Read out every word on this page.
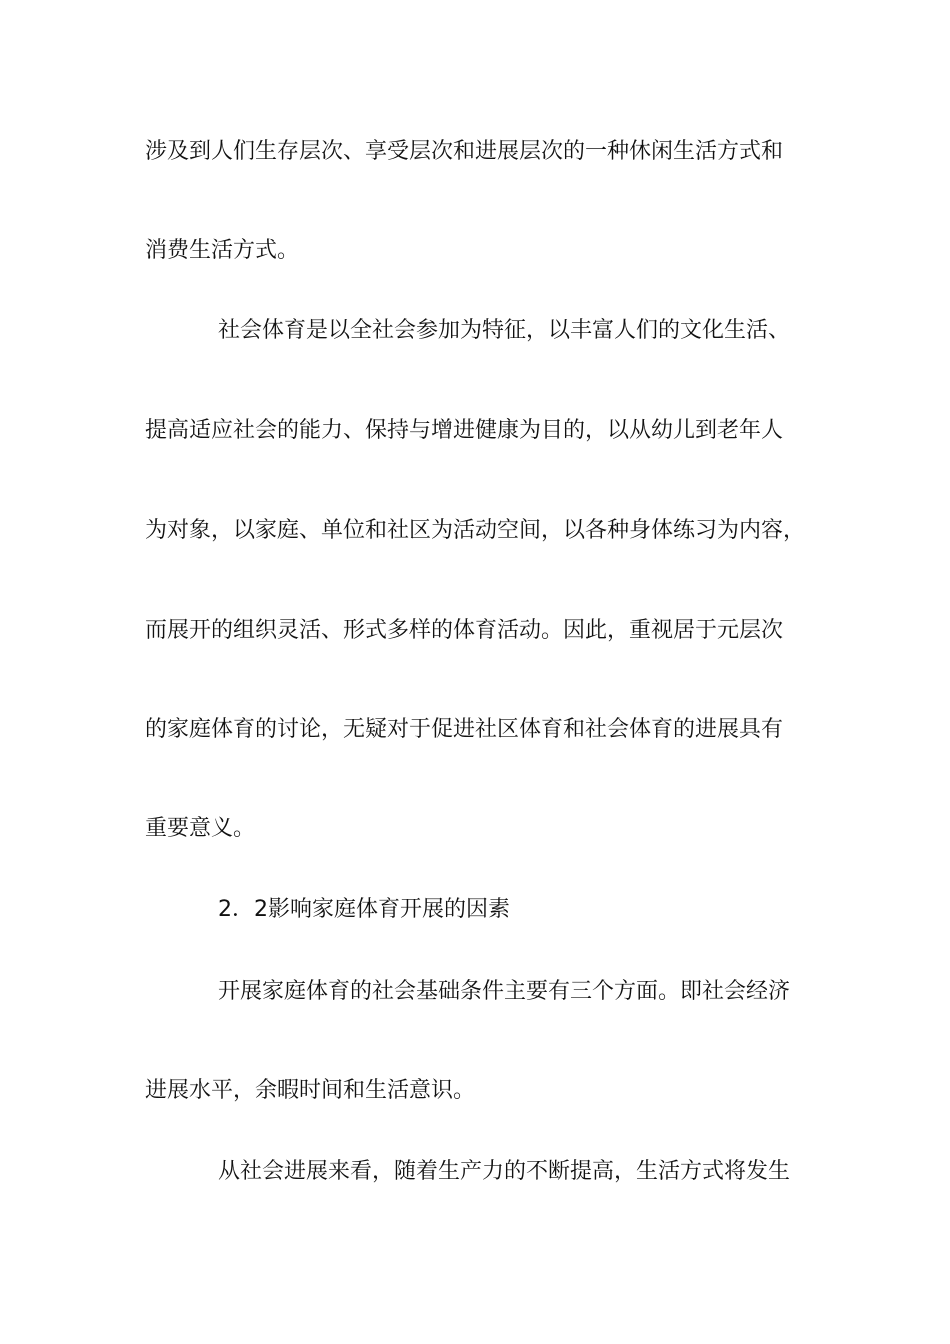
涉及到人们生存层次、享受层次和进展层次的一种休闲生活方式和
消费生活方式。
社会体育是以全社会参加为特征，以丰富人们的文化生活、
提高适应社会的能力、保持与增进健康为目的，以从幼儿到老年人
为对象，以家庭、单位和社区为活动空间，以各种身体练习为内容，
而展开的组织灵活、形式多样的体育活动。因此，重视居于元层次
的家庭体育的讨论，无疑对于促进社区体育和社会体育的进展具有
重要意义。
2．2影响家庭体育开展的因素
开展家庭体育的社会基础条件主要有三个方面。即社会经济
进展水平，余暇时间和生活意识。
从社会进展来看，随着生产力的不断提高，生活方式将发生
